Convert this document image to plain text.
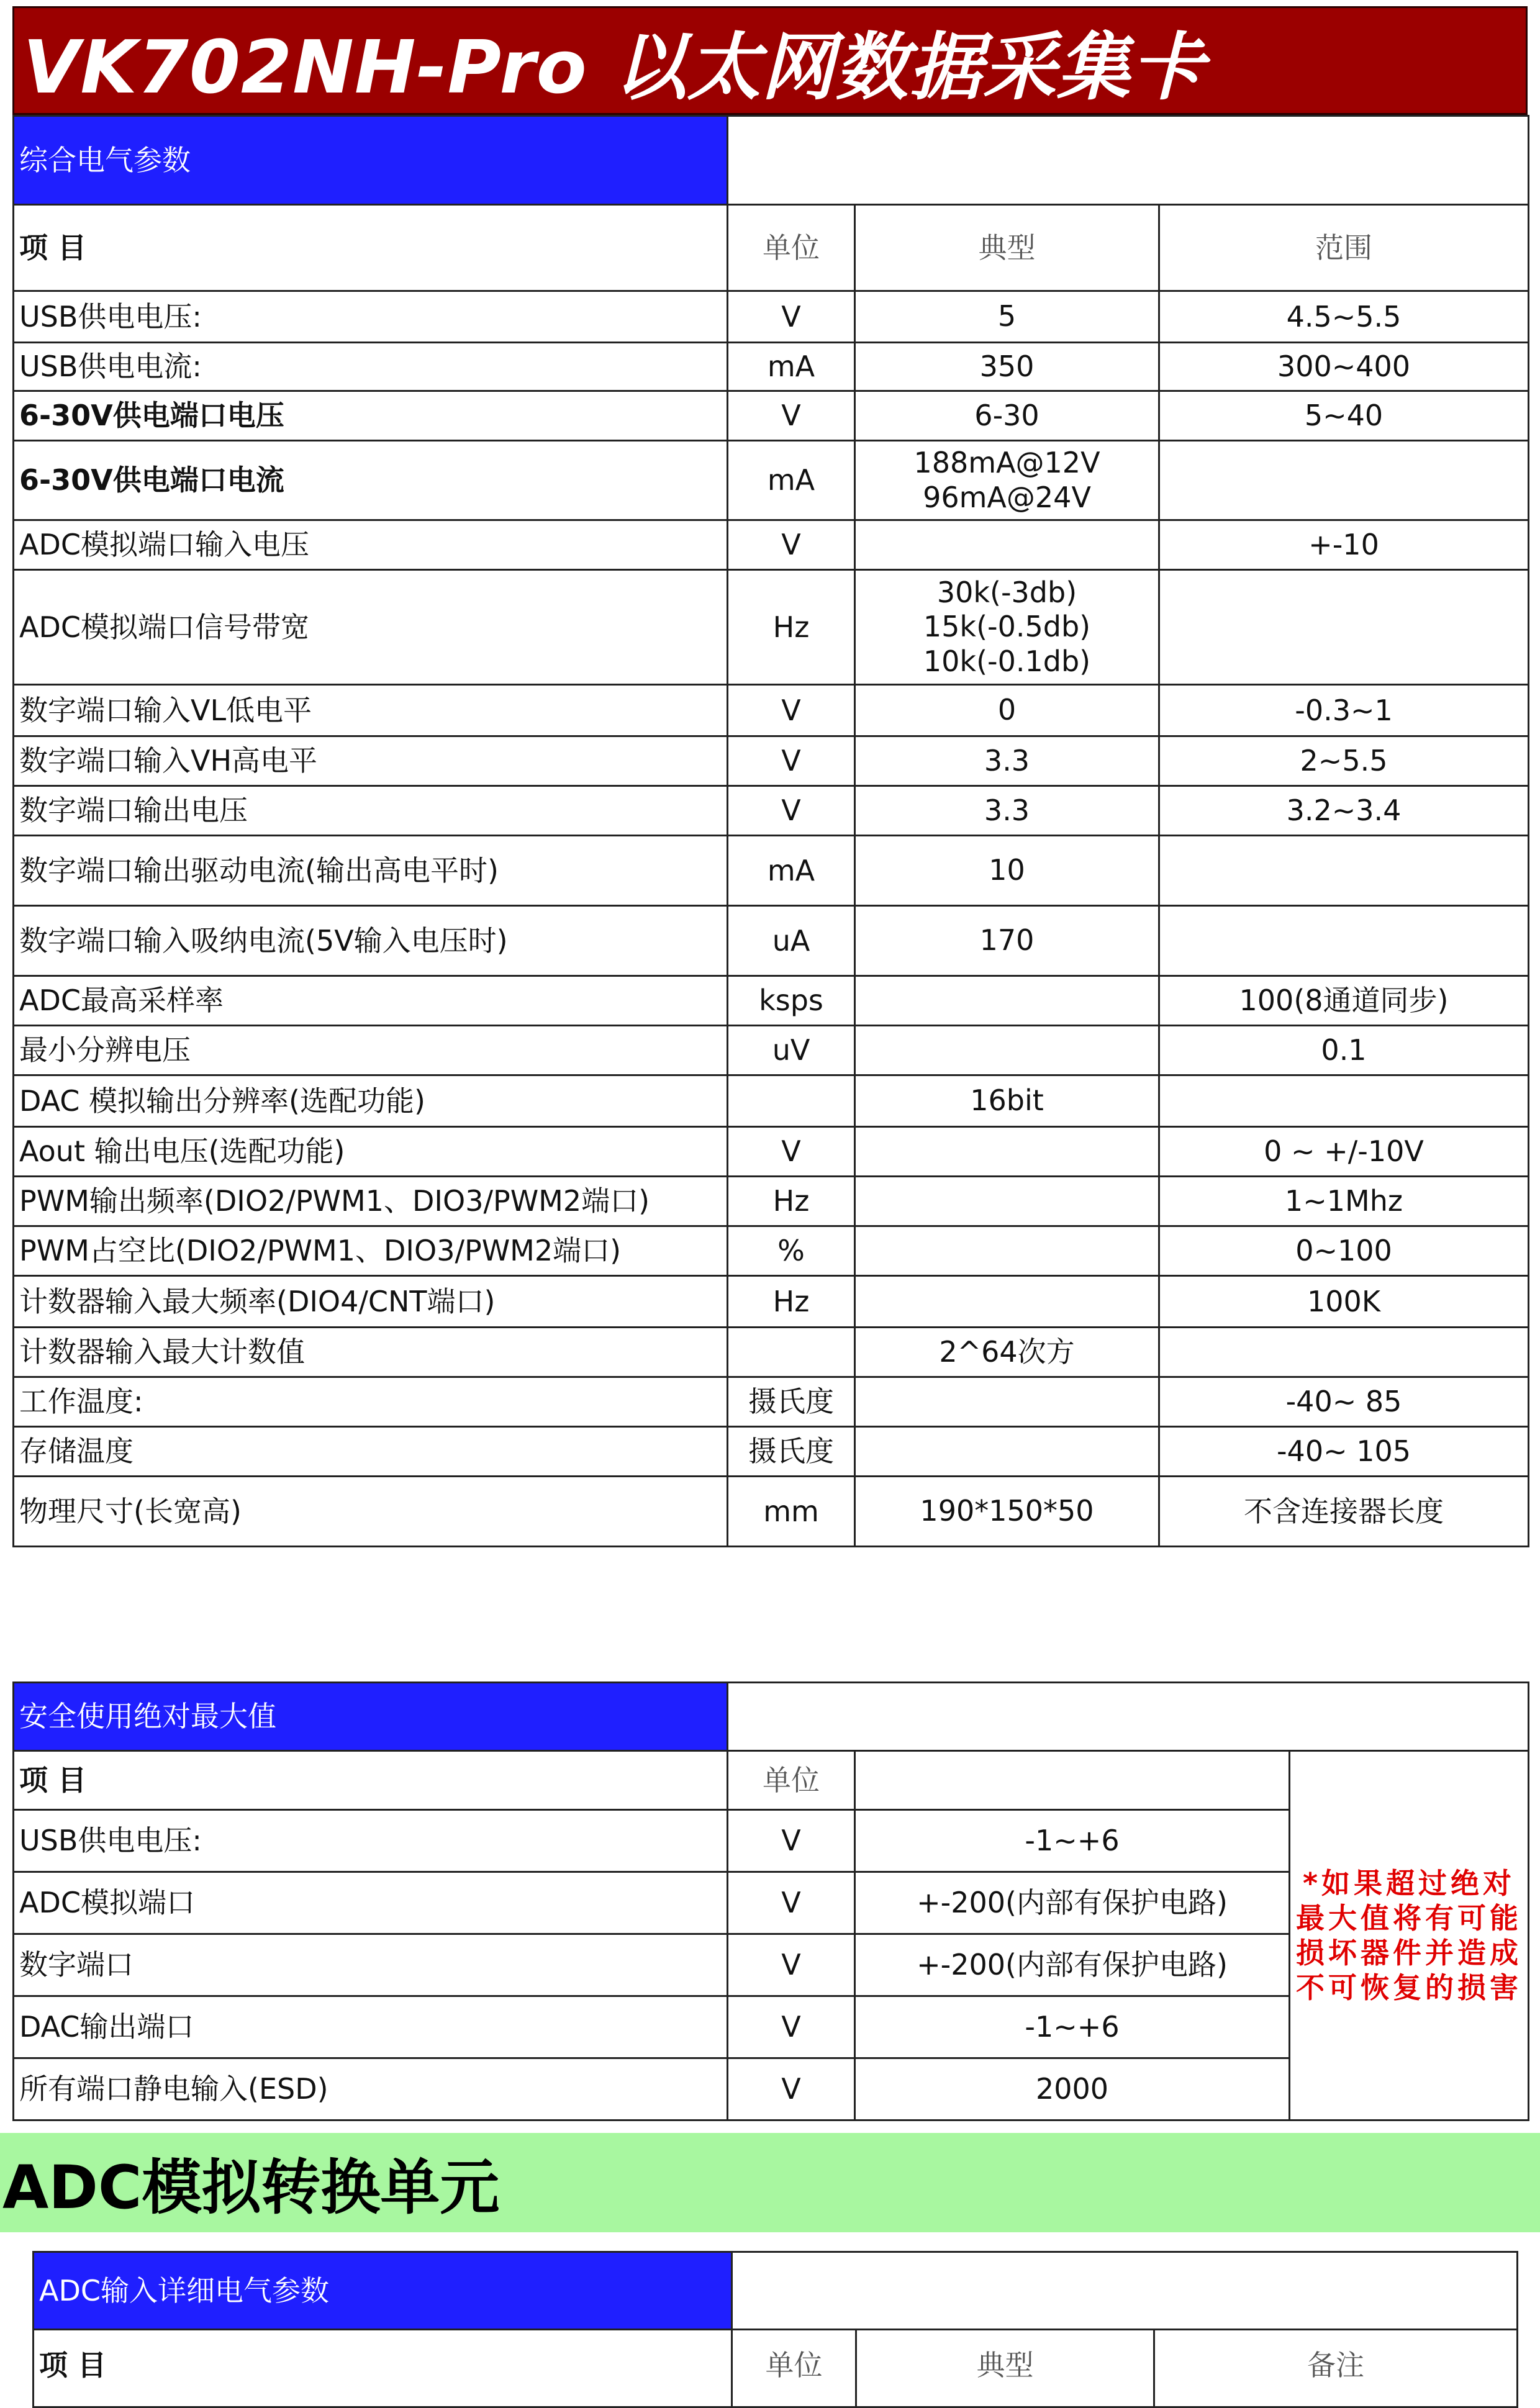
VK702NH-Pro 以太网数据采集卡
综合电气参数			
项 目	单位	典型	范围
USB供电电压:	V	5	4.5~5.5
USB供电电流:	mA	350	300~400
6-30V供电端口电压	V	6-30	5~40
6-30V供电端口电流	mA	188mA@12V
96mA@24V	
ADC模拟端口输入电压	V		+-10
ADC模拟端口信号带宽	Hz	30k(-3db)
15k(-0.5db)
10k(-0.1db)	
数字端口输入VL低电平	V	0	-0.3~1
数字端口输入VH高电平	V	3.3	2~5.5
数字端口输出电压	V	3.3	3.2~3.4
数字端口输出驱动电流(输出高电平时)	mA	10	
数字端口输入吸纳电流(5V输入电压时)	uA	170	
ADC最高采样率	ksps		100(8通道同步)
最小分辨电压	uV		0.1
DAC 模拟输出分辨率(选配功能)		16bit	
Aout 输出电压(选配功能)	V		0 ~ +/-10V
PWM输出频率(DIO2/PWM1、DIO3/PWM2端口)	Hz		1~1Mhz
PWM占空比(DIO2/PWM1、DIO3/PWM2端口)	%		0~100
计数器输入最大频率(DIO4/CNT端口)	Hz		100K
计数器输入最大计数值		2^64次方	
工作温度:	摄氏度		-40~ 85
存储温度	摄氏度		-40~ 105
物理尺寸(长宽高)	mm	190*150*50	不含连接器长度
安全使用绝对最大值			
项 目	单位		*如果超过绝对最大值将有可能损坏器件并造成不可恢复的损害
USB供电电压:	V	-1~+6	
ADC模拟端口	V	+-200(内部有保护电路)	
数字端口	V	+-200(内部有保护电路)	
DAC输出端口	V	-1~+6	
所有端口静电输入(ESD)	V	2000	
ADC模拟转换单元
ADC输入详细电气参数			
项 目	单位	典型	备注
